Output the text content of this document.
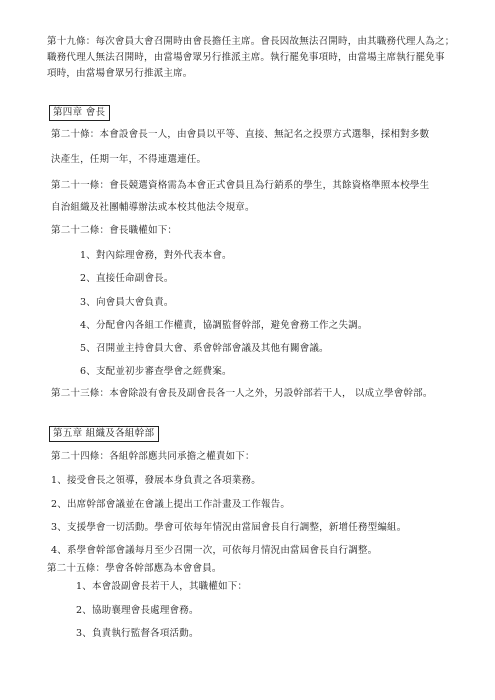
第十九條：每次會員大會召開時由會長擔任主席。會長因故無法召開時，由其職務代理人為之；
職務代理人無法召開時，由當場會眾另行推派主席。執行罷免事項時，由當場主席執行罷免事
項時，由當場會眾另行推派主席。
第四章 會長
第二十條：本會設會長一人，由會員以平等、直接、無記名之投票方式選舉，採相對多數
決產生，任期一年，不得連選連任。
第二十一條：會長競選資格需為本會正式會員且為行銷系的學生，其餘資格準照本校學生
自治組織及社團輔導辦法或本校其他法令規章。
第二十二條：會長職權如下：
1、對內綜理會務，對外代表本會。
2、直接任命副會長。
3、向會員大會負責。
4、分配會內各組工作權責，協調監督幹部，避免會務工作之失調。
5、召開並主持會員大會、系會幹部會議及其他有關會議。
6、支配並初步審查學會之經費案。
第二十三條：本會除設有會長及副會長各一人之外，另設幹部若干人， 以成立學會幹部。
第五章 組織及各組幹部
第二十四條：各組幹部應共同承擔之權責如下：
1、接受會長之領導，發展本身負責之各項業務。
2、出席幹部會議並在會議上提出工作計畫及工作報告。
3、支援學會一切活動。學會可依每年情況由當屆會長自行調整，新增任務型編組。
4、系學會幹部會議每月至少召開一次，可依每月情況由當屆會長自行調整。
第二十五條：學會各幹部應為本會會員。
1、本會設副會長若干人，其職權如下：
2、協助襄理會長處理會務。
3、負責執行監督各項活動。
